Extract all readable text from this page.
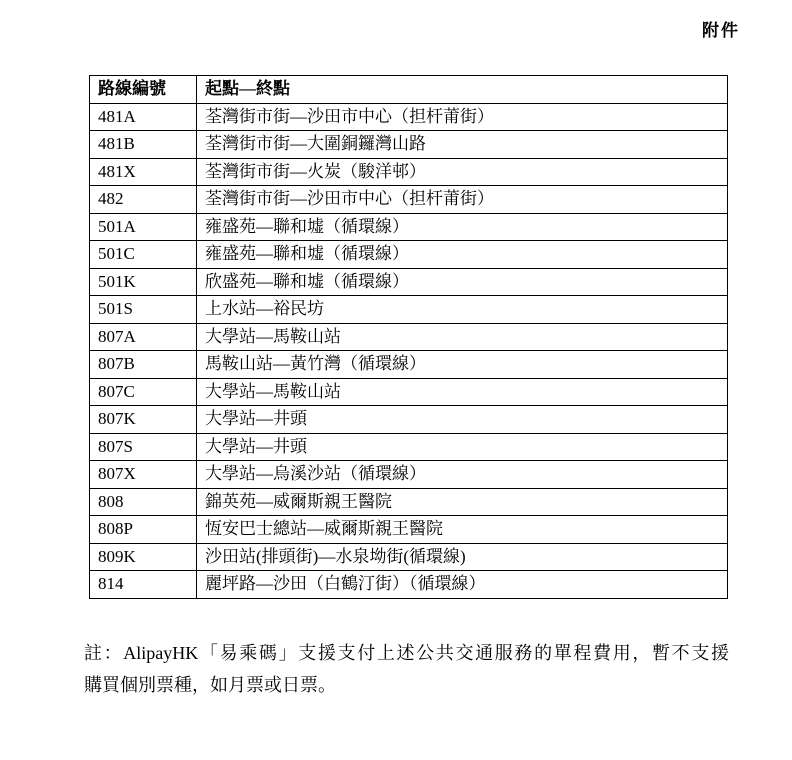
附件
路線編號	起點—終點
481A	荃灣街市街—沙田市中心（担杆莆街）
481B	荃灣街市街—大圍銅鑼灣山路
481X	荃灣街市街—火炭（駿洋邨）
482	荃灣街市街—沙田市中心（担杆莆街）
501A	雍盛苑—聯和墟（循環線）
501C	雍盛苑—聯和墟（循環線）
501K	欣盛苑—聯和墟（循環線）
501S	上水站—裕民坊
807A	大學站—馬鞍山站
807B	馬鞍山站—黃竹灣（循環線）
807C	大學站—馬鞍山站
807K	大學站—井頭
807S	大學站—井頭
807X	大學站—烏溪沙站（循環線）
808	錦英苑—威爾斯親王醫院
808P	恆安巴士總站—威爾斯親王醫院
809K	沙田站(排頭街)—水泉坳街(循環線)
814	麗坪路—沙田（白鶴汀街）（循環線）
註：AlipayHK「易乘碼」支援支付上述公共交通服務的單程費用，暫不支援
購買個別票種，如月票或日票。
